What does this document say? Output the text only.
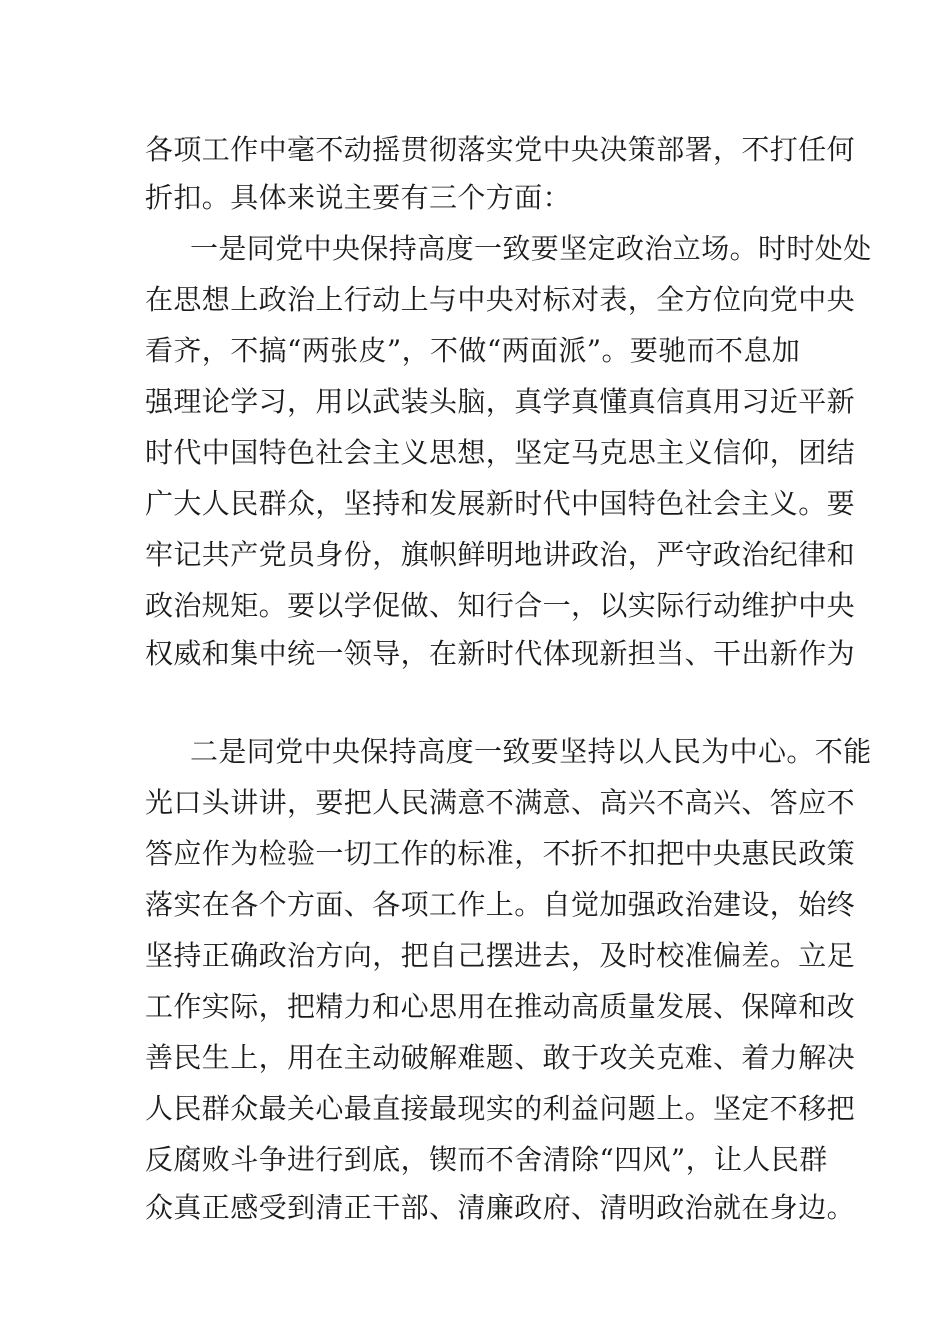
各项工作中毫不动摇贯彻落实党中央决策部署，不打任何
折扣。具体来说主要有三个方面：
一是同党中央保持高度一致要坚定政治立场。时时处处
在思想上政治上行动上与中央对标对表，全方位向党中央
看齐，不搞“两张皮”，不做“两面派”。要驰而不息加
强理论学习，用以武装头脑，真学真懂真信真用习近平新
时代中国特色社会主义思想，坚定马克思主义信仰，团结
广大人民群众，坚持和发展新时代中国特色社会主义。要
牢记共产党员身份，旗帜鲜明地讲政治，严守政治纪律和
政治规矩。要以学促做、知行合一，以实际行动维护中央
权威和集中统一领导，在新时代体现新担当、干出新作为
二是同党中央保持高度一致要坚持以人民为中心。不能
光口头讲讲，要把人民满意不满意、高兴不高兴、答应不
答应作为检验一切工作的标准，不折不扣把中央惠民政策
落实在各个方面、各项工作上。自觉加强政治建设，始终
坚持正确政治方向，把自己摆进去，及时校准偏差。立足
工作实际，把精力和心思用在推动高质量发展、保障和改
善民生上，用在主动破解难题、敢于攻关克难、着力解决
人民群众最关心最直接最现实的利益问题上。坚定不移把
反腐败斗争进行到底，锲而不舍清除“四风”，让人民群
众真正感受到清正干部、清廉政府、清明政治就在身边。
